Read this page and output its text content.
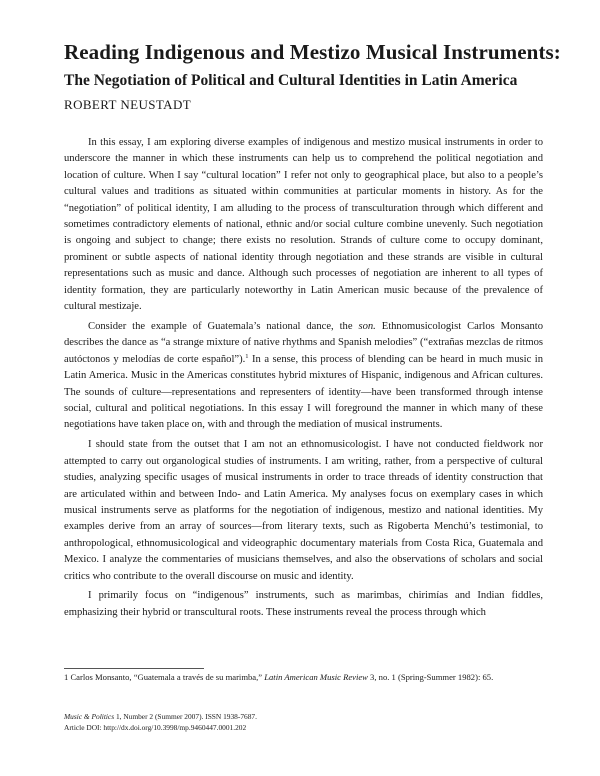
Reading Indigenous and Mestizo Musical Instruments:
The Negotiation of Political and Cultural Identities in Latin America

ROBERT NEUSTADT

In this essay, I am exploring diverse examples of indigenous and mestizo musical instruments in order to underscore the manner in which these instruments can help us to comprehend the political negotiation and location of culture. When I say “cultural location” I refer not only to geographical place, but also to a people’s cultural values and traditions as situated within communities at particular moments in history. As for the “negotiation” of political identity, I am alluding to the process of transculturation through which different and sometimes contradictory elements of national, ethnic and/or social culture combine unevenly. Such negotiation is ongoing and subject to change; there exists no resolution. Strands of culture come to occupy dominant, prominent or subtle aspects of national identity through negotiation and these strands are visible in cultural representations such as music and dance. Although such processes of negotiation are inherent to all types of identity formation, they are particularly noteworthy in Latin American music because of the prevalence of cultural mestizaje.

Consider the example of Guatemala’s national dance, the son. Ethnomusicologist Carlos Monsanto describes the dance as “a strange mixture of native rhythms and Spanish melodies” (“extrañas mezclas de ritmos autóctonos y melodías de corte español”).$^1$ In a sense, this process of blending can be heard in much music in Latin America. Music in the Americas constitutes hybrid mixtures of Hispanic, indigenous and African cultures. The sounds of culture—representations and representers of identity—have been transformed through intense social, cultural and political negotiations. In this essay I will foreground the manner in which many of these negotiations have taken place on, with and through the mediation of musical instruments.

I should state from the outset that I am not an ethnomusicologist. I have not conducted fieldwork nor attempted to carry out organological studies of instruments. I am writing, rather, from a perspective of cultural studies, analyzing specific usages of musical instruments in order to trace threads of identity construction that are articulated within and between Indo- and Latin America. My analyses focus on exemplary cases in which musical instruments serve as platforms for the negotiation of indigenous, mestizo and national identities. My examples derive from an array of sources—from literary texts, such as Rigoberta Menchú’s testimonial, to anthropological, ethnomusicological and videographic documentary materials from Costa Rica, Guatemala and Mexico. I analyze the commentaries of musicians themselves, and also the observations of scholars and social critics who contribute to the overall discourse on music and identity.

I primarily focus on “indigenous” instruments, such as marimbas, chirimías and Indian fiddles, emphasizing their hybrid or transcultural roots. These instruments reveal the process through which

1 Carlos Monsanto, “Guatemala a través de su marimba,” Latin American Music Review 3, no. 1 (Spring-Summer 1982): 65.

Music & Politics 1, Number 2 (Summer 2007). ISSN 1938-7687.
Article DOI: http://dx.doi.org/10.3998/mp.9460447.0001.202
